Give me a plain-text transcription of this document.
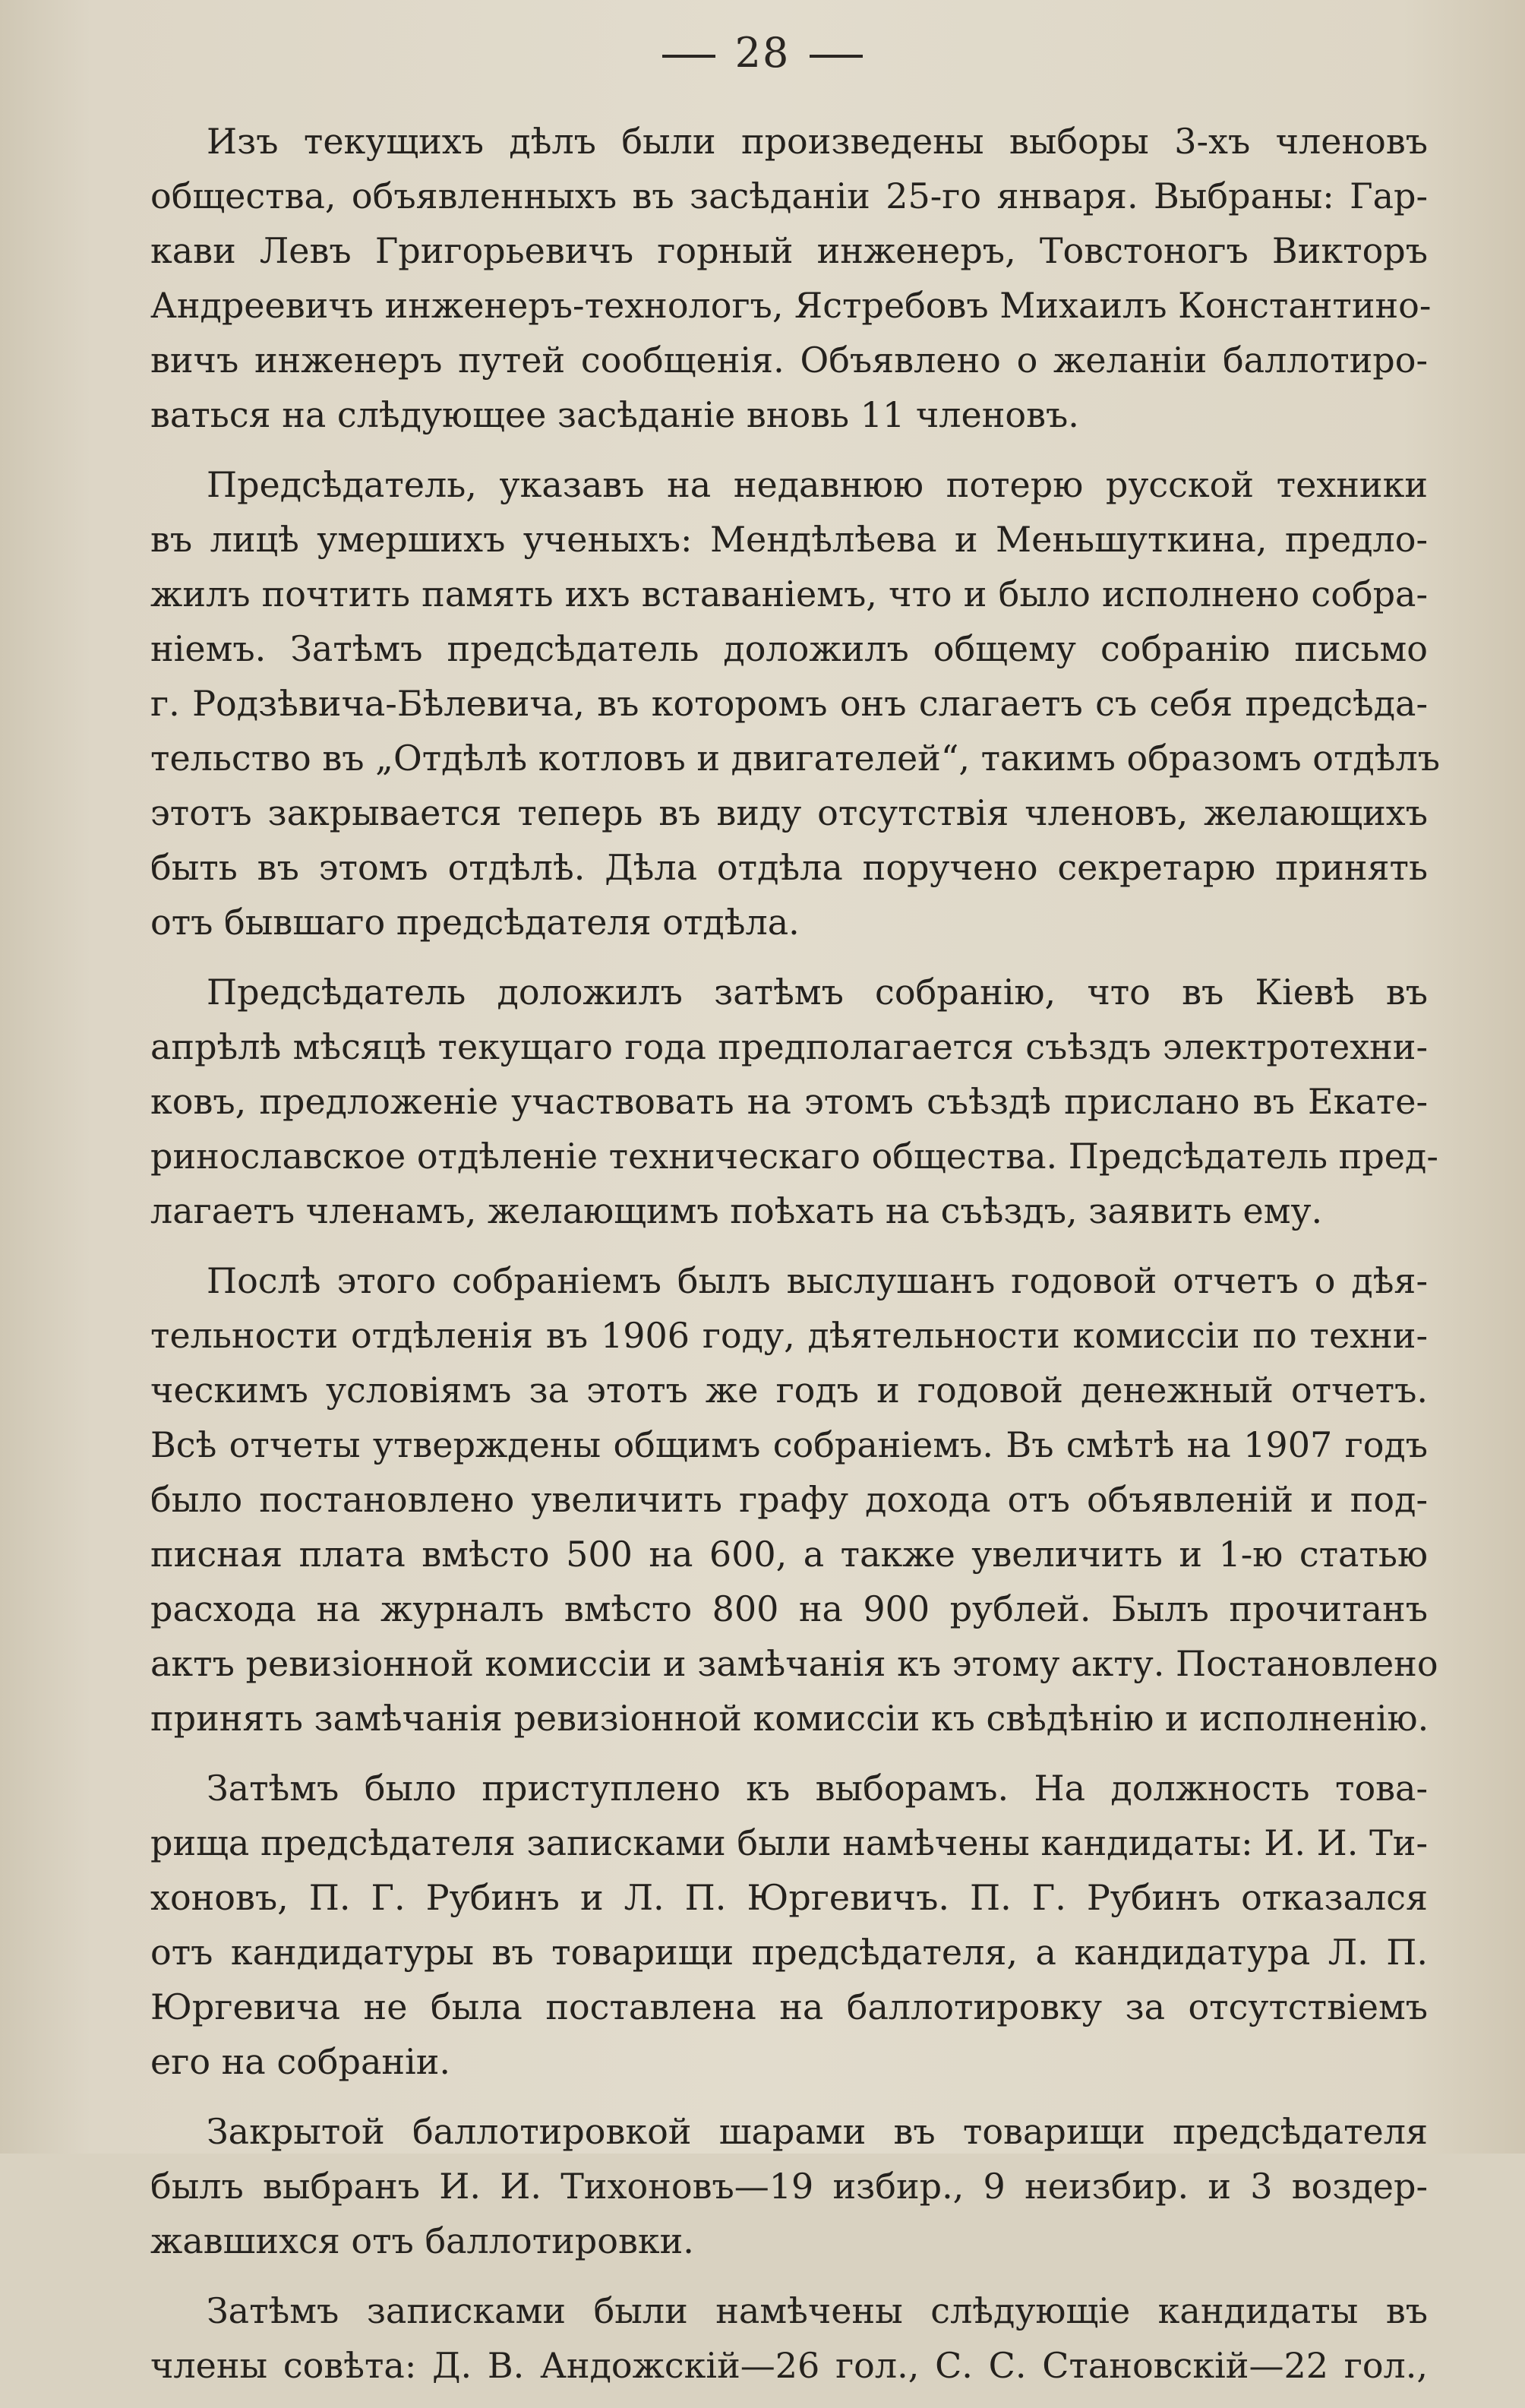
28
Изъ текущихъ дѣлъ были произведены выборы 3-хъ членовъ
общества, объявленныхъ въ засѣданіи 25-го января. Выбраны: Гар-
кави Левъ Григорьевичъ горный инженеръ, Товстоногъ Викторъ
Андреевичъ инженеръ-технологъ, Ястребовъ Михаилъ Константино-
вичъ инженеръ путей сообщенія. Объявлено о желаніи баллотиро-
ваться на слѣдующее засѣданіе вновь 11 членовъ.
Предсѣдатель, указавъ на недавнюю потерю русской техники
въ лицѣ умершихъ ученыхъ: Мендѣлѣева и Меньшуткина, предло-
жилъ почтить память ихъ вставаніемъ, что и было исполнено собра-
ніемъ. Затѣмъ предсѣдатель доложилъ общему собранію письмо
г. Родзѣвича-Бѣлевича, въ которомъ онъ слагаетъ съ себя предсѣда-
тельство въ „Отдѣлѣ котловъ и двигателей“, такимъ образомъ отдѣлъ
этотъ закрывается теперь въ виду отсутствія членовъ, желающихъ
быть въ этомъ отдѣлѣ. Дѣла отдѣла поручено секретарю принять
отъ бывшаго предсѣдателя отдѣла.
Предсѣдатель доложилъ затѣмъ собранію, что въ Кіевѣ въ
апрѣлѣ мѣсяцѣ текущаго года предполагается съѣздъ электротехни-
ковъ, предложеніе участвовать на этомъ съѣздѣ прислано въ Екате-
ринославское отдѣленіе техническаго общества. Предсѣдатель пред-
лагаетъ членамъ, желающимъ поѣхать на съѣздъ, заявить ему.
Послѣ этого собраніемъ былъ выслушанъ годовой отчетъ о дѣя-
тельности отдѣленія въ 1906 году, дѣятельности комиссіи по техни-
ческимъ условіямъ за этотъ же годъ и годовой денежный отчетъ.
Всѣ отчеты утверждены общимъ собраніемъ. Въ смѣтѣ на 1907 годъ
было постановлено увеличить графу дохода отъ объявленій и под-
писная плата вмѣсто 500 на 600, а также увеличить и 1-ю статью
расхода на журналъ вмѣсто 800 на 900 рублей. Былъ прочитанъ
актъ ревизіонной комиссіи и замѣчанія къ этому акту. Постановлено
принять замѣчанія ревизіонной комиссіи къ свѣдѣнію и исполненію.
Затѣмъ было приступлено къ выборамъ. На должность това-
рища предсѣдателя записками были намѣчены кандидаты: И. И. Ти-
хоновъ, П. Г. Рубинъ и Л. П. Юргевичъ. П. Г. Рубинъ отказался
отъ кандидатуры въ товарищи предсѣдателя, а кандидатура Л. П.
Юргевича не была поставлена на баллотировку за отсутствіемъ
его на собраніи.
Закрытой баллотировкой шарами въ товарищи предсѣдателя
былъ выбранъ И. И. Тихоновъ—19 избир., 9 неизбир. и 3 воздер-
жавшихся отъ баллотировки.
Затѣмъ записками были намѣчены слѣдующіе кандидаты въ
члены совѣта: Д. В. Андожскій—26 гол., С. С. Становскій—22 гол.,
